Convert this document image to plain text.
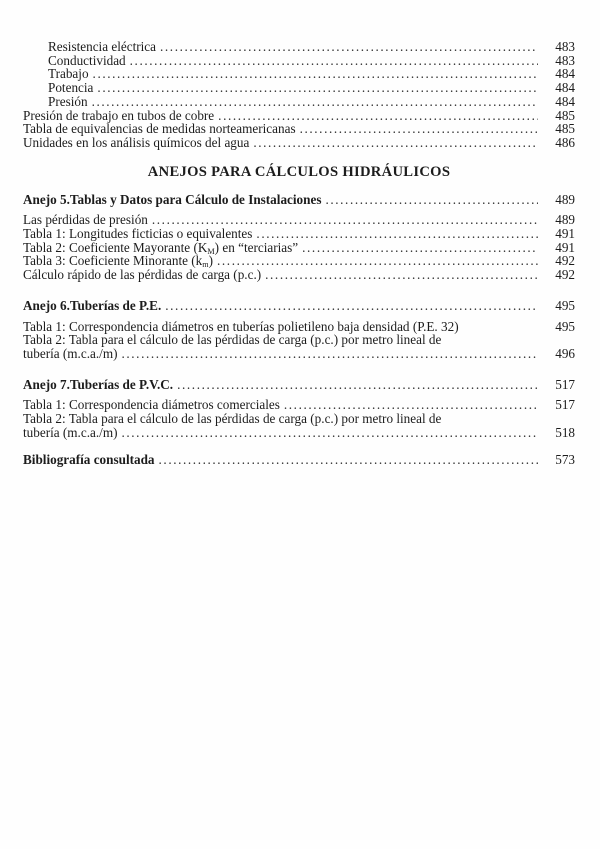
Resistencia eléctrica .....	483
Conductividad .....	483
Trabajo .....	484
Potencia .....	484
Presión .....	484
Presión de trabajo en tubos de cobre .....	485
Tabla de equivalencias de medidas norteamericanas .....	485
Unidades en los análisis químicos del agua .....	486
ANEJOS PARA CÁLCULOS HIDRÁULICOS
Anejo 5. Tablas y Datos para Cálculo de Instalaciones .....	489
Las pérdidas de presión .....	489
Tabla 1: Longitudes ficticias o equivalentes .....	491
Tabla 2: Coeficiente Mayorante $(K_M)$ en “terciarias” .....	491
Tabla 3: Coeficiente Minorante $(k_m)$ .....	492
Cálculo rápido de las pérdidas de carga (p.c.) .....	492
Anejo 6. Tuberías de P.E. .....	495
Tabla 1: Correspondencia diámetros en tuberías polietileno baja densidad (P.E. 32)	495
Tabla 2: Tabla para el cálculo de las pérdidas de carga (p.c.) por metro lineal de
tubería (m.c.a./m) .....	496
Anejo 7. Tuberías de P.V.C. .....	517
Tabla 1: Correspondencia diámetros comerciales .....	517
Tabla 2: Tabla para el cálculo de las pérdidas de carga (p.c.) por metro lineal de
tubería (m.c.a./m) .....	518
Bibliografía consultada .....	573
